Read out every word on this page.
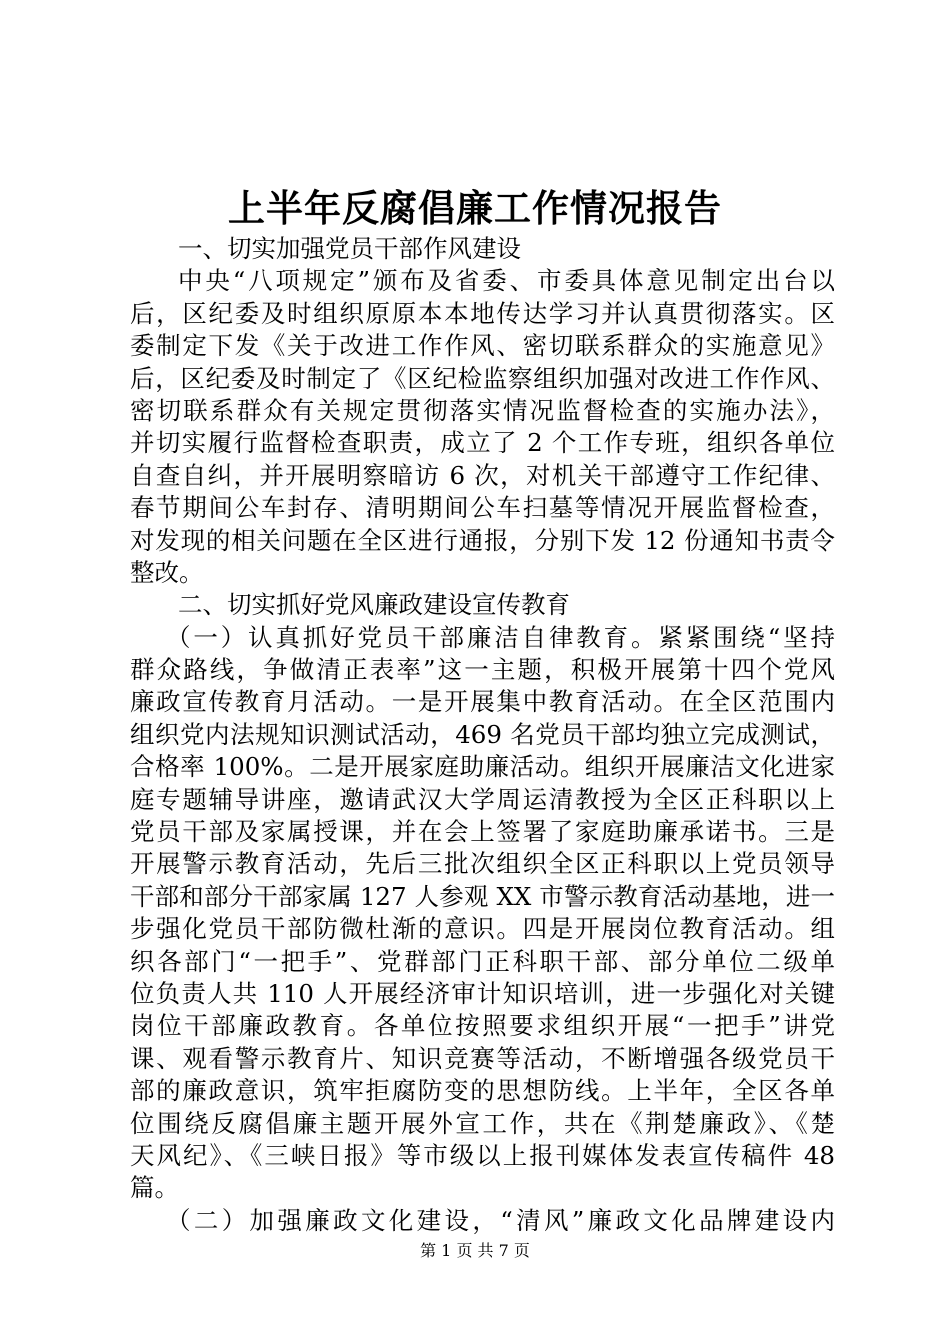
上半年反腐倡廉工作情况报告
一、切实加强党员干部作风建设
中央“八项规定”颁布及省委、市委具体意见制定出台以
后，区纪委及时组织原原本本地传达学习并认真贯彻落实。区
委制定下发《关于改进工作作风、密切联系群众的实施意见》
后，区纪委及时制定了《区纪检监察组织加强对改进工作作风、
密切联系群众有关规定贯彻落实情况监督检查的实施办法》，
并切实履行监督检查职责，成立了 2 个工作专班，组织各单位
自查自纠，并开展明察暗访 6 次，对机关干部遵守工作纪律、
春节期间公车封存、清明期间公车扫墓等情况开展监督检查，
对发现的相关问题在全区进行通报，分别下发 12 份通知书责令
整改。
二、切实抓好党风廉政建设宣传教育
（一）认真抓好党员干部廉洁自律教育。紧紧围绕“坚持
群众路线，争做清正表率”这一主题，积极开展第十四个党风
廉政宣传教育月活动。一是开展集中教育活动。在全区范围内
组织党内法规知识测试活动，469 名党员干部均独立完成测试，
合格率 100%。二是开展家庭助廉活动。组织开展廉洁文化进家
庭专题辅导讲座，邀请武汉大学周运清教授为全区正科职以上
党员干部及家属授课，并在会上签署了家庭助廉承诺书。三是
开展警示教育活动，先后三批次组织全区正科职以上党员领导
干部和部分干部家属 127 人参观 XX 市警示教育活动基地，进一
步强化党员干部防微杜渐的意识。四是开展岗位教育活动。组
织各部门“一把手”、党群部门正科职干部、部分单位二级单
位负责人共 110 人开展经济审计知识培训，进一步强化对关键
岗位干部廉政教育。各单位按照要求组织开展“一把手”讲党
课、观看警示教育片、知识竞赛等活动，不断增强各级党员干
部的廉政意识，筑牢拒腐防变的思想防线。上半年，全区各单
位围绕反腐倡廉主题开展外宣工作，共在《荆楚廉政》、《楚
天风纪》、《三峡日报》等市级以上报刊媒体发表宣传稿件 48
篇。
（二）加强廉政文化建设，“清风”廉政文化品牌建设内
第 1 页 共 7 页
